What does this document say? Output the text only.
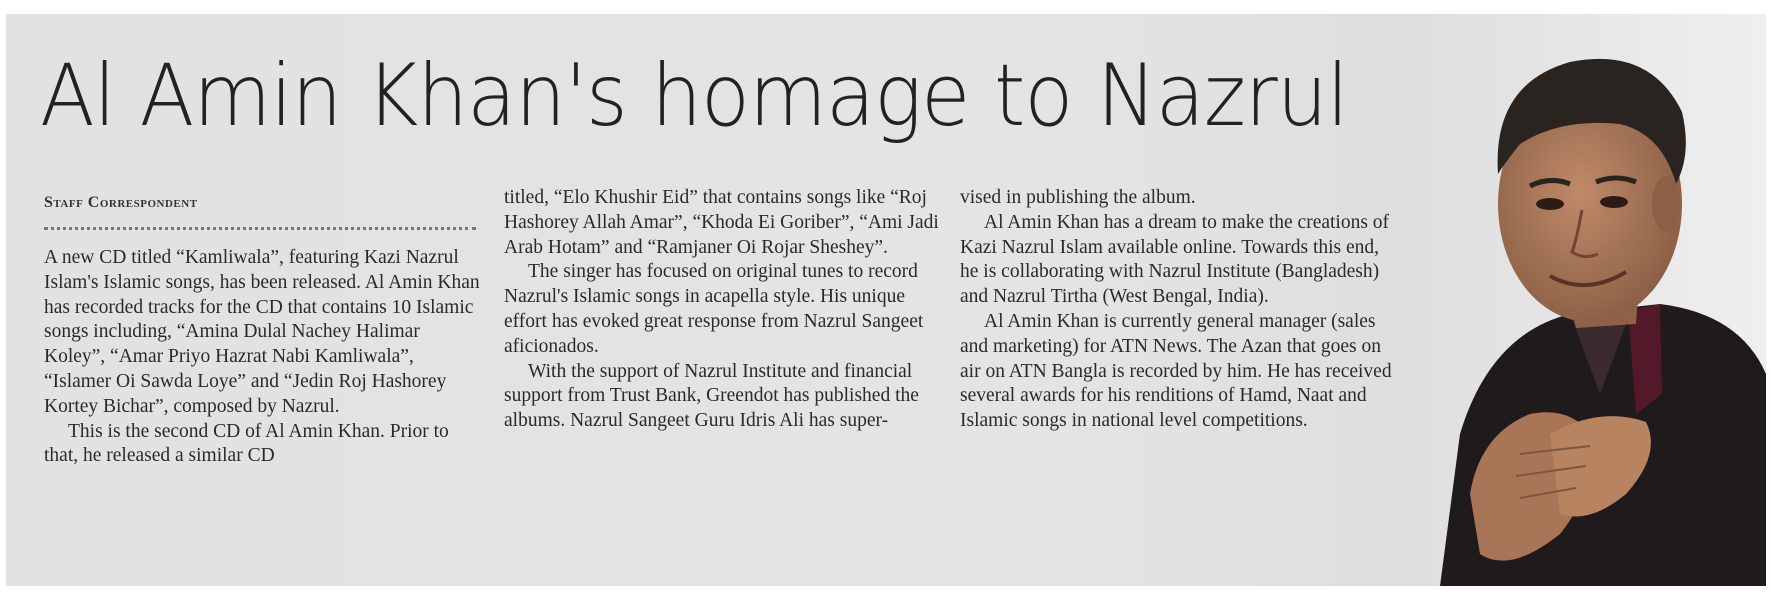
Al Amin Khan's homage to Nazrul
Staff Correspondent

A new CD titled “Kamliwala”, featuring Kazi Nazrul Islam's Islamic songs, has been released. Al Amin Khan has recorded tracks for the CD that contains 10 Islamic songs including, “Amina Dulal Nachey Halimar Koley”, “Amar Priyo Hazrat Nabi Kamliwala”, “Islamer Oi Sawda Loye” and “Jedin Roj Hashorey Kortey Bichar”, composed by Nazrul.

This is the second CD of Al Amin Khan. Prior to that, he released a similar CD

titled, “Elo Khushir Eid” that contains songs like “Roj Hashorey Allah Amar”, “Khoda Ei Goriber”, “Ami Jadi Arab Hotam” and “Ramjaner Oi Rojar Sheshey”.

The singer has focused on original tunes to record Nazrul's Islamic songs in acapella style. His unique effort has evoked great response from Nazrul Sangeet aficionados.

With the support of Nazrul Institute and financial support from Trust Bank, Greendot has published the albums. Nazrul Sangeet Guru Idris Ali has super-

vised in publishing the album.

Al Amin Khan has a dream to make the creations of Kazi Nazrul Islam available online. Towards this end, he is collaborating with Nazrul Institute (Bangladesh) and Nazrul Tirtha (West Bengal, India).

Al Amin Khan is currently general manager (sales and marketing) for ATN News. The Azan that goes on air on ATN Bangla is recorded by him. He has received several awards for his renditions of Hamd, Naat and Islamic songs in national level competitions.
